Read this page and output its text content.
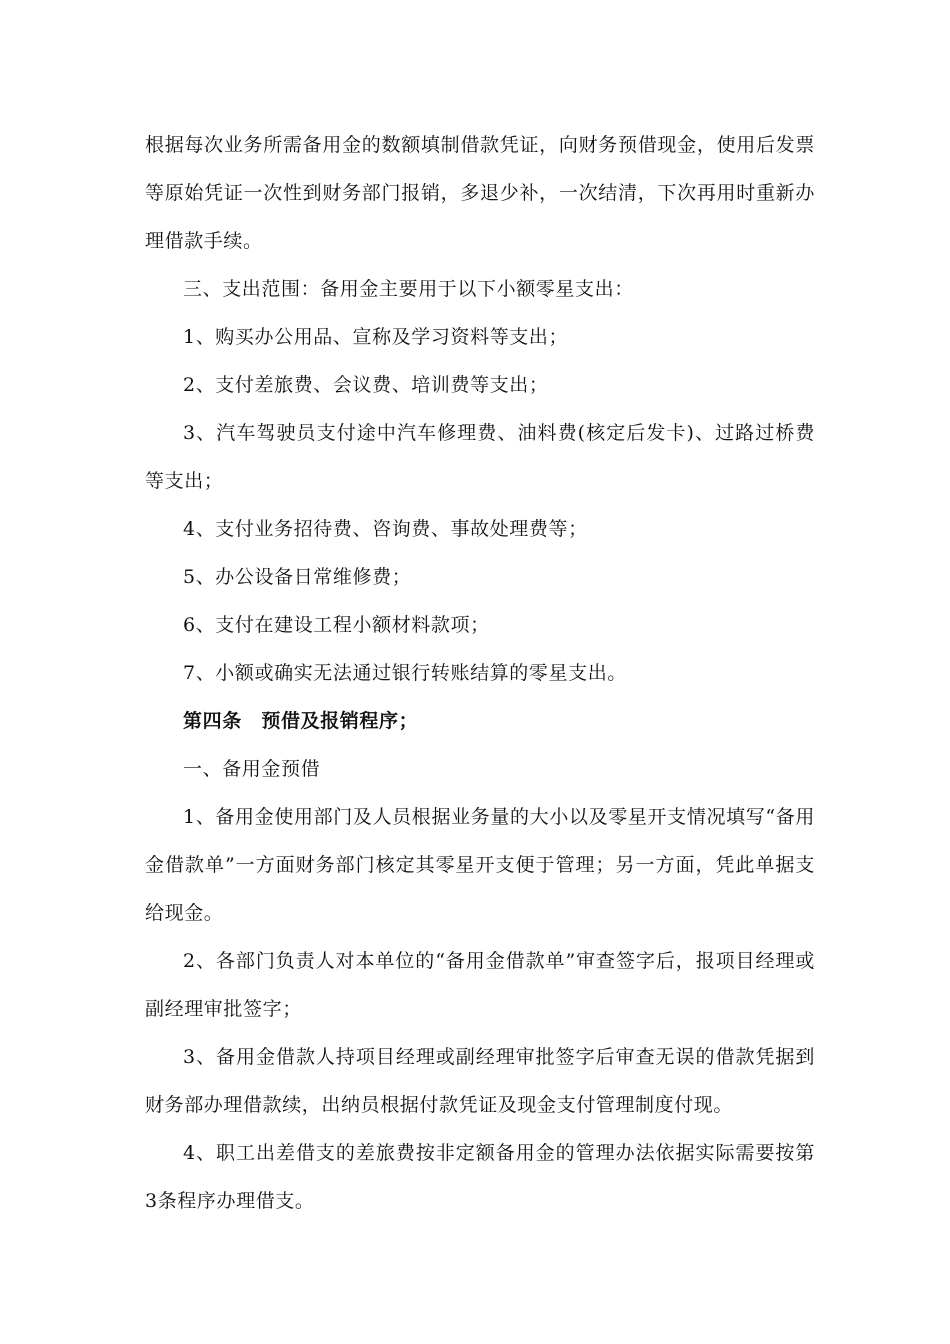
根据每次业务所需备用金的数额填制借款凭证，向财务预借现金，使用后发票等原始凭证一次性到财务部门报销，多退少补，一次结清，下次再用时重新办理借款手续。

三、支出范围：备用金主要用于以下小额零星支出：

1、购买办公用品、宣称及学习资料等支出；

2、支付差旅费、会议费、培训费等支出；

3、汽车驾驶员支付途中汽车修理费、油料费(核定后发卡)、过路过桥费等支出；

4、支付业务招待费、咨询费、事故处理费等；

5、办公设备日常维修费；

6、支付在建设工程小额材料款项；

7、小额或确实无法通过银行转账结算的零星支出。

第四条　预借及报销程序；

一、备用金预借

1、备用金使用部门及人员根据业务量的大小以及零星开支情况填写“备用金借款单”一方面财务部门核定其零星开支便于管理；另一方面，凭此单据支给现金。

2、各部门负责人对本单位的“备用金借款单”审查签字后，报项目经理或副经理审批签字；

3、备用金借款人持项目经理或副经理审批签字后审查无误的借款凭据到财务部办理借款续，出纳员根据付款凭证及现金支付管理制度付现。

4、职工出差借支的差旅费按非定额备用金的管理办法依据实际需要按第3条程序办理借支。
